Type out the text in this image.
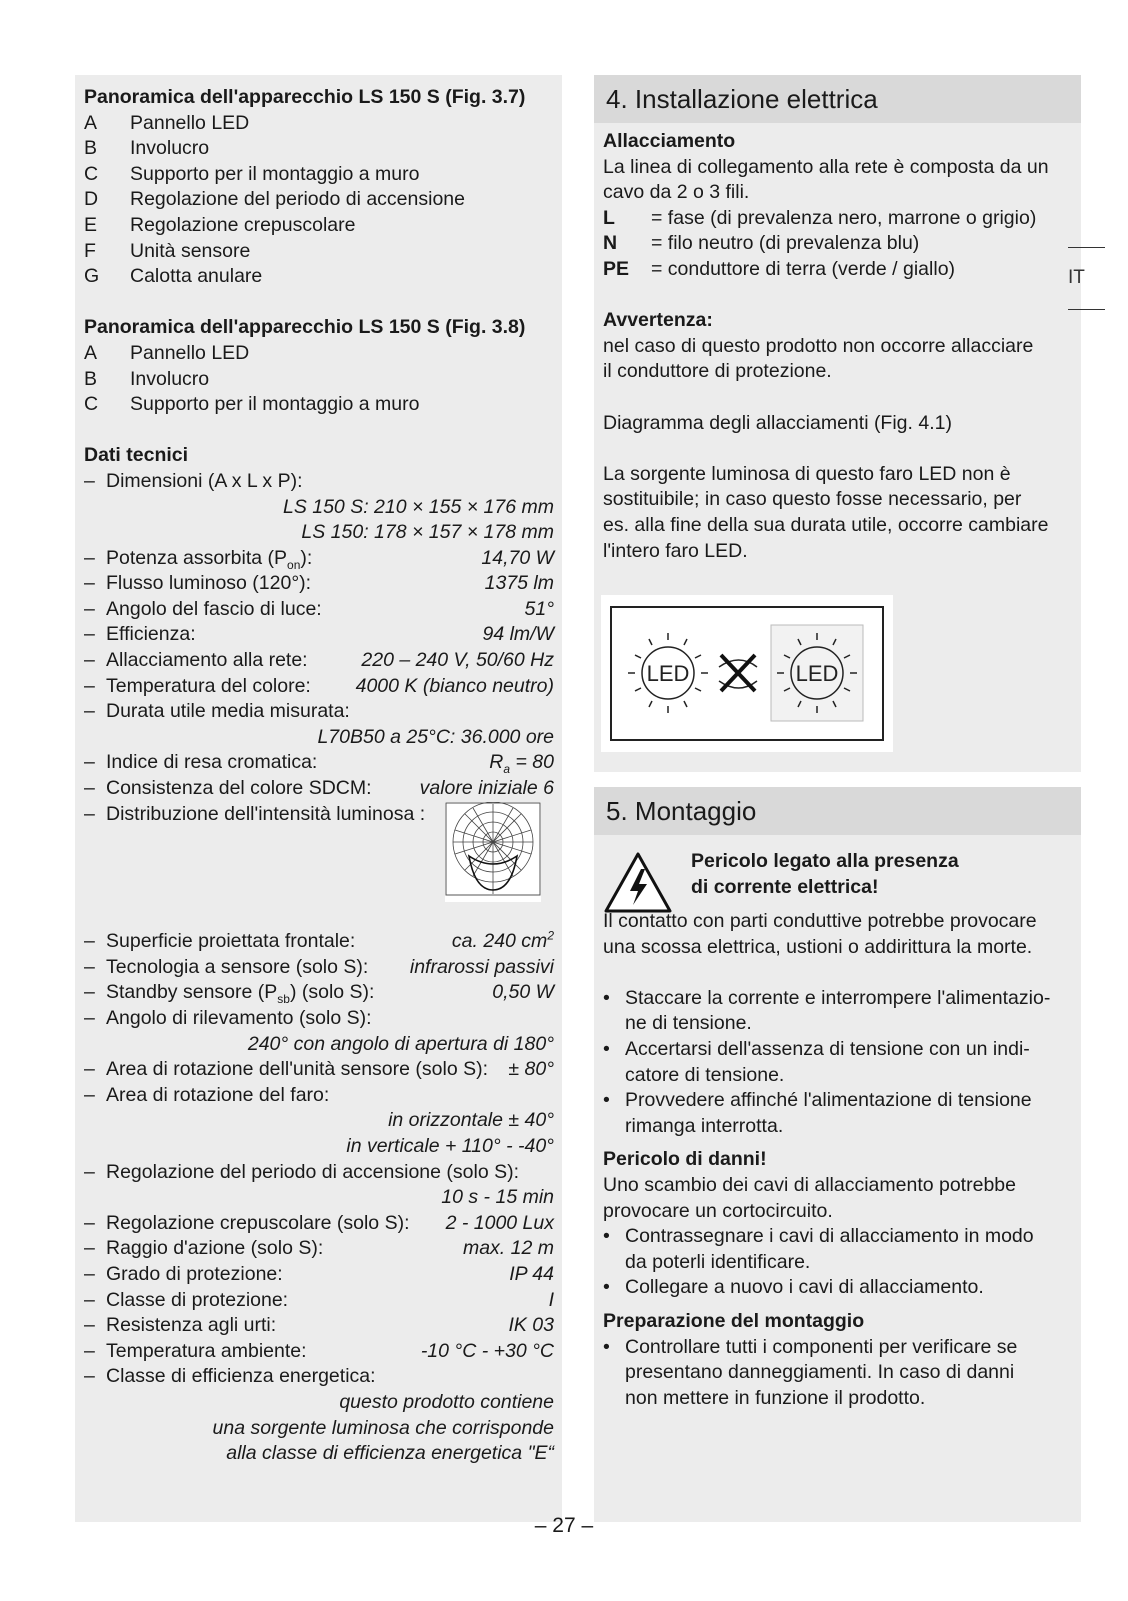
Panoramica dell'apparecchio LS 150 S (Fig. 3.7)
A	Pannello LED
B	Involucro
C	Supporto per il montaggio a muro
D	Regolazione del periodo di accensione
E	Regolazione crepuscolare
F	Unità sensore
G	Calotta anulare
Panoramica dell'apparecchio LS 150 S (Fig. 3.8)
A	Pannello LED
B	Involucro
C	Supporto per il montaggio a muro
Dati tecnici
– Dimensioni (A x L x P):
LS 150 S: 210 × 155 × 176 mm
LS 150: 178 × 157 × 178 mm
– Potenza assorbita $(P_{on})$:	14,70 W
– Flusso luminoso (120°):	1375 lm
– Angolo del fascio di luce:	51°
– Efficienza:	94 lm/W
– Allacciamento alla rete:	220 – 240 V, 50/60 Hz
– Temperatura del colore:	4000 K (bianco neutro)
– Durata utile media misurata:
L70B50 a 25°C: 36.000 ore
– Indice di resa cromatica:	$R_a = 80$
– Consistenza del colore SDCM:	valore iniziale 6
– Distribuzione dell'intensità luminosa :
– Superficie proiettata frontale:	ca. 240 $cm^2$
– Tecnologia a sensore (solo S):	infrarossi passivi
– Standby sensore $(P_{sb})$ (solo S):	0,50 W
– Angolo di rilevamento (solo S):
240° con angolo di apertura di 180°
– Area di rotazione dell'unità sensore (solo S):	± 80°
– Area di rotazione del faro:
in orizzontale ± 40°
in verticale + 110° - -40°
– Regolazione del periodo di accensione (solo S):
10 s - 15 min
– Regolazione crepuscolare (solo S):	2 - 1000 Lux
– Raggio d'azione (solo S):	max. 12 m
– Grado di protezione:	IP 44
– Classe di protezione:	I
– Resistenza agli urti:	IK 03
– Temperatura ambiente:	-10 °C - +30 °C
– Classe di efficienza energetica:
questo prodotto contiene
una sorgente luminosa che corrisponde
alla classe di efficienza energetica "E“
4. Installazione elettrica
Allacciamento
La linea di collegamento alla rete è composta da un
cavo da 2 o 3 fili.
L	= fase (di prevalenza nero, marrone o grigio)
N	= filo neutro (di prevalenza blu)
PE	= conduttore di terra (verde / giallo)
Avvertenza:
nel caso di questo prodotto non occorre allacciare
il conduttore di protezione.
Diagramma degli allacciamenti (Fig. 4.1)
La sorgente luminosa di questo faro LED non è
sostituibile; in caso questo fosse necessario, per
es. alla fine della sua durata utile, occorre cambiare
l'intero faro LED.
LED	LED
5. Montaggio
Pericolo legato alla presenza
di corrente elettrica!
Il contatto con parti conduttive potrebbe provocare
una scossa elettrica, ustioni o addirittura la morte.
• Staccare la corrente e interrompere l'alimentazio-
ne di tensione.
• Accertarsi dell'assenza di tensione con un indi-
catore di tensione.
• Provvedere affinché l'alimentazione di tensione
rimanga interrotta.
Pericolo di danni!
Uno scambio dei cavi di allacciamento potrebbe
provocare un cortocircuito.
• Contrassegnare i cavi di allacciamento in modo
da poterli identificare.
• Collegare a nuovo i cavi di allacciamento.
Preparazione del montaggio
• Controllare tutti i componenti per verificare se
presentano danneggiamenti. In caso di danni
non mettere in funzione il prodotto.
IT
– 27 –
